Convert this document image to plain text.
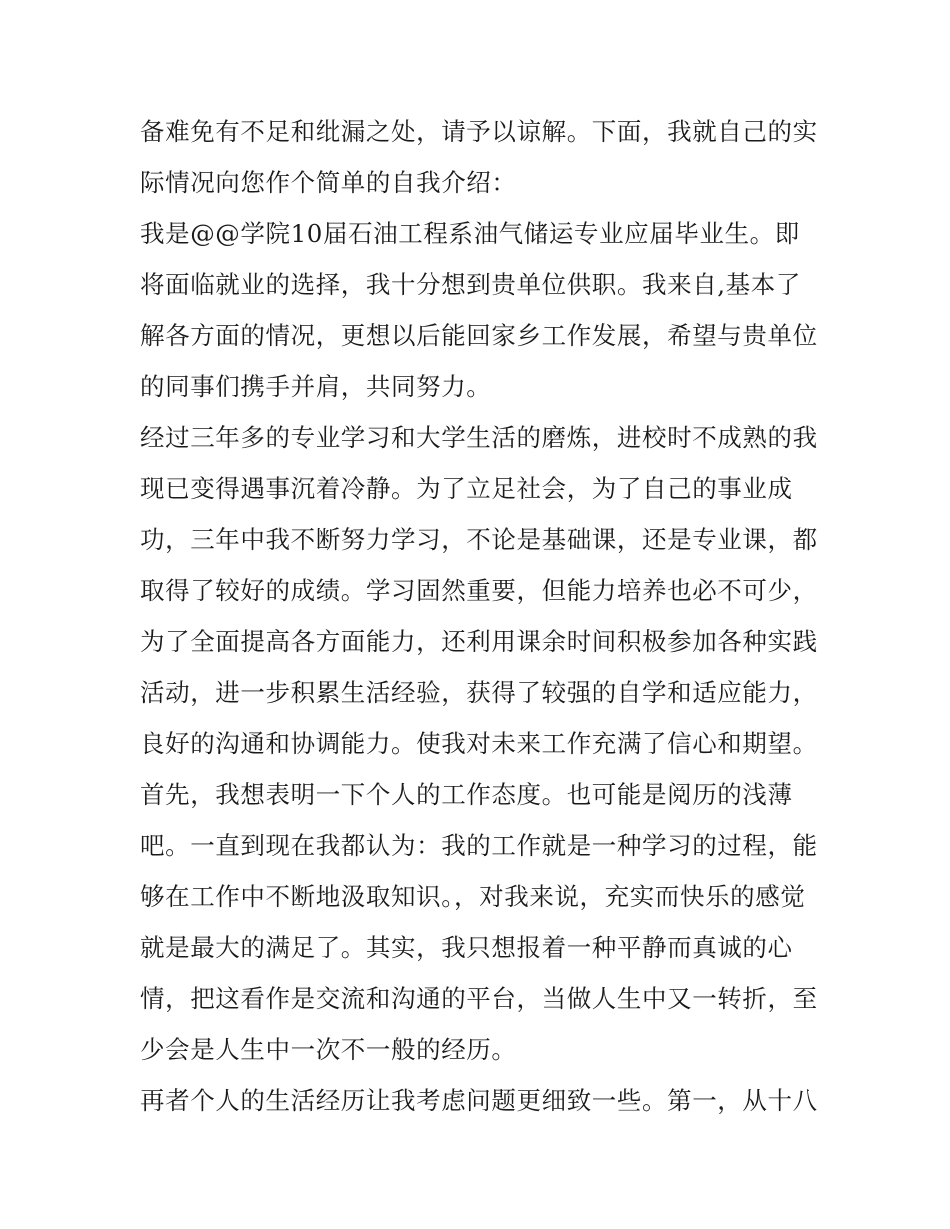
备难免有不足和纰漏之处，请予以谅解。下面，我就自己的实
际情况向您作个简单的自我介绍：
我是@@学院10届石油工程系油气储运专业应届毕业生。即
将面临就业的选择，我十分想到贵单位供职。我来自,基本了
解各方面的情况，更想以后能回家乡工作发展，希望与贵单位
的同事们携手并肩，共同努力。
经过三年多的专业学习和大学生活的磨炼，进校时不成熟的我
现已变得遇事沉着冷静。为了立足社会，为了自己的事业成
功，三年中我不断努力学习，不论是基础课，还是专业课，都
取得了较好的成绩。学习固然重要，但能力培养也必不可少，
为了全面提高各方面能力，还利用课余时间积极参加各种实践
活动，进一步积累生活经验，获得了较强的自学和适应能力，
良好的沟通和协调能力。使我对未来工作充满了信心和期望。
首先，我想表明一下个人的工作态度。也可能是阅历的浅薄
吧。一直到现在我都认为：我的工作就是一种学习的过程，能
够在工作中不断地汲取知识。，对我来说，充实而快乐的感觉
就是最大的满足了。其实，我只想报着一种平静而真诚的心
情，把这看作是交流和沟通的平台，当做人生中又一转折，至
少会是人生中一次不一般的经历。
再者个人的生活经历让我考虑问题更细致一些。第一，从十八
